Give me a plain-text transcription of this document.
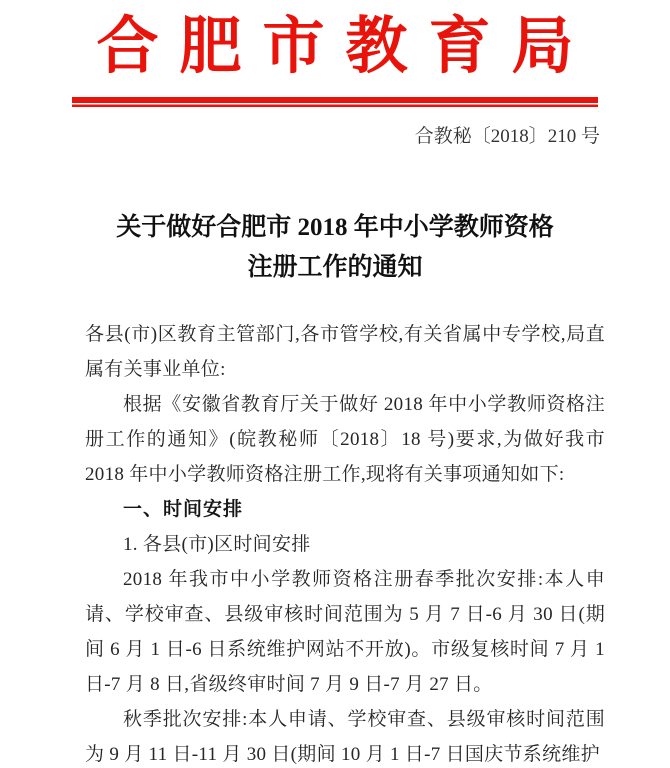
合肥市教育局
合教秘〔2018〕210 号
关于做好合肥市 2018 年中小学教师资格
注册工作的通知

各县(市)区教育主管部门,各市管学校,有关省属中专学校,局直属有关事业单位:

根据《安徽省教育厅关于做好 2018 年中小学教师资格注册工作的通知》(皖教秘师〔2018〕18 号)要求,为做好我市 2018 年中小学教师资格注册工作,现将有关事项通知如下:

一、时间安排

1. 各县(市)区时间安排

2018 年我市中小学教师资格注册春季批次安排:本人申请、学校审查、县级审核时间范围为 5 月 7 日-6 月 30 日(期间 6 月 1 日-6 日系统维护网站不开放)。市级复核时间 7 月 1 日-7 月 8 日,省级终审时间 7 月 9 日-7 月 27 日。

秋季批次安排:本人申请、学校审查、县级审核时间范围为 9 月 11 日-11 月 30 日(期间 10 月 1 日-7 日国庆节系统维护
